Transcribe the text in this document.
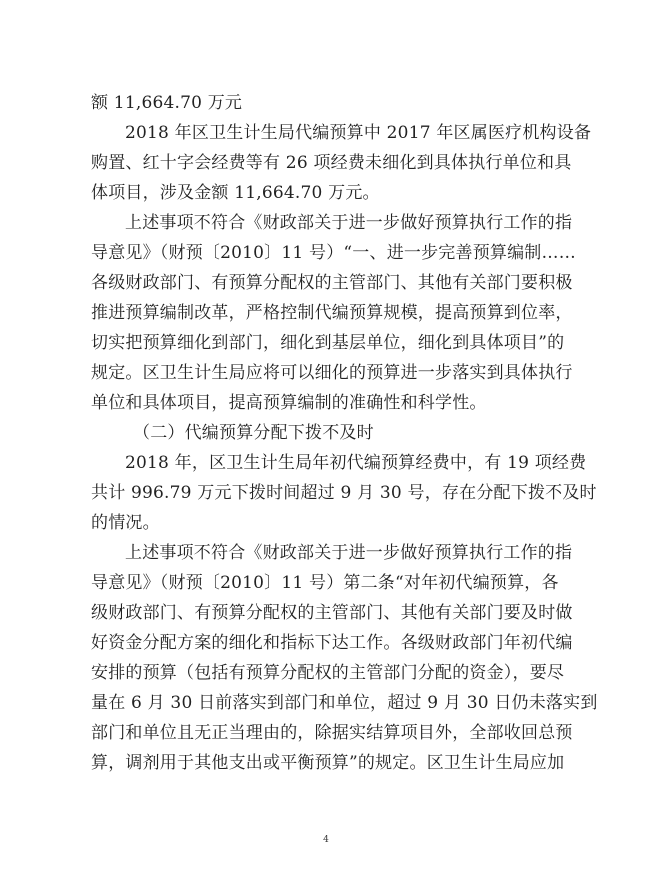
额 11,664.70 万元
2018 年区卫生计生局代编预算中 2017 年区属医疗机构设备
购置、红十字会经费等有 26 项经费未细化到具体执行单位和具
体项目，涉及金额 11,664.70 万元。
上述事项不符合《财政部关于进一步做好预算执行工作的指
导意见》（财预〔2010〕11 号）“一、进一步完善预算编制……
各级财政部门、有预算分配权的主管部门、其他有关部门要积极
推进预算编制改革，严格控制代编预算规模，提高预算到位率，
切实把预算细化到部门，细化到基层单位，细化到具体项目”的
规定。区卫生计生局应将可以细化的预算进一步落实到具体执行
单位和具体项目，提高预算编制的准确性和科学性。
（二）代编预算分配下拨不及时
2018 年，区卫生计生局年初代编预算经费中，有 19 项经费
共计 996.79 万元下拨时间超过 9 月 30 号，存在分配下拨不及时
的情况。
上述事项不符合《财政部关于进一步做好预算执行工作的指
导意见》（财预〔2010〕11 号）第二条“对年初代编预算，各
级财政部门、有预算分配权的主管部门、其他有关部门要及时做
好资金分配方案的细化和指标下达工作。各级财政部门年初代编
安排的预算（包括有预算分配权的主管部门分配的资金），要尽
量在 6 月 30 日前落实到部门和单位，超过 9 月 30 日仍未落实到
部门和单位且无正当理由的，除据实结算项目外，全部收回总预
算，调剂用于其他支出或平衡预算”的规定。区卫生计生局应加
4
